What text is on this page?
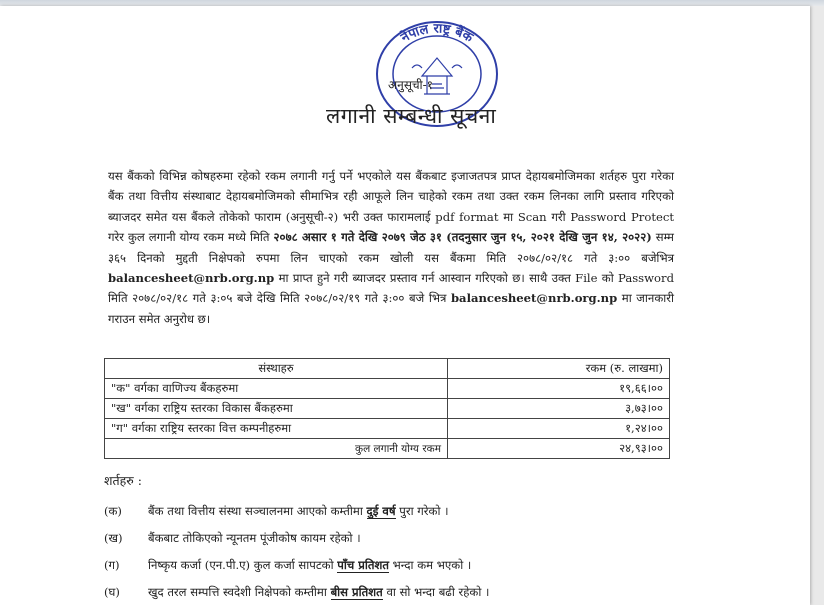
नेपाल राष्ट्र बैंक
अनुसूची-१
लगानी सम्बन्धी सूचना
यस बैंकको विभिन्न कोषहरुमा रहेको रकम लगानी गर्नु पर्ने भएकोले यस बैंकबाट इजाजतपत्र प्राप्त देहायबमोजिमका शर्तहरु पुरा गरेका बैंक तथा वित्तीय संस्थाबाट देहायबमोजिमको सीमाभित्र रही आफूले लिन चाहेको रकम तथा उक्त रकम लिनका लागि प्रस्ताव गरिएको ब्याजदर समेत यस बैंकले तोकेको फाराम (अनुसूची-२) भरी उक्त फारामलाई pdf format मा Scan गरी Password Protect गरेर कुल लगानी योग्य रकम मध्ये मिति २०७८ असार १ गते देखि २०७९ जेठ ३१ (तदनुसार जुन १५, २०२१ देखि जुन १४, २०२२) सम्म ३६५ दिनको मुद्दती निक्षेपको रुपमा लिन चाएको रकम खोली यस बैंकमा मिति २०७८/०२/१८ गते ३:०० बजेभित्र balancesheet@nrb.org.np मा प्राप्त हुने गरी ब्याजदर प्रस्ताव गर्न आस्वान गरिएको छ। साथै उक्त File को Password मिति २०७८/०२/१८ गते ३:०५ बजे देखि मिति २०७८/०२/१९ गते ३:०० बजे भित्र balancesheet@nrb.org.np मा जानकारी गराउन समेत अनुरोध छ।
संस्थाहरु	रकम (रु. लाखमा)
"क" वर्गका वाणिज्य बैंकहरुमा	१९,६६।००
"ख" वर्गका राष्ट्रिय स्तरका विकास बैंकहरुमा	३,७३।००
"ग" वर्गका राष्ट्रिय स्तरका वित्त कम्पनीहरुमा	१,२४।००
कुल लगानी योग्य रकम	२४,९३।००
शर्तहरु :
(क) बैंक तथा वित्तीय संस्था सञ्चालनमा आएको कम्तीमा दुई वर्ष पुरा गरेको ।
(ख) बैंकबाट तोकिएको न्यूनतम पूंजीकोष कायम रहेको ।
(ग) निष्कृय कर्जा (एन.पी.ए) कुल कर्जा सापटको पाँच प्रतिशत भन्दा कम भएको ।
(घ) खुद तरल सम्पत्ति स्वदेशी निक्षेपको कम्तीमा बीस प्रतिशत वा सो भन्दा बढी रहेको ।
